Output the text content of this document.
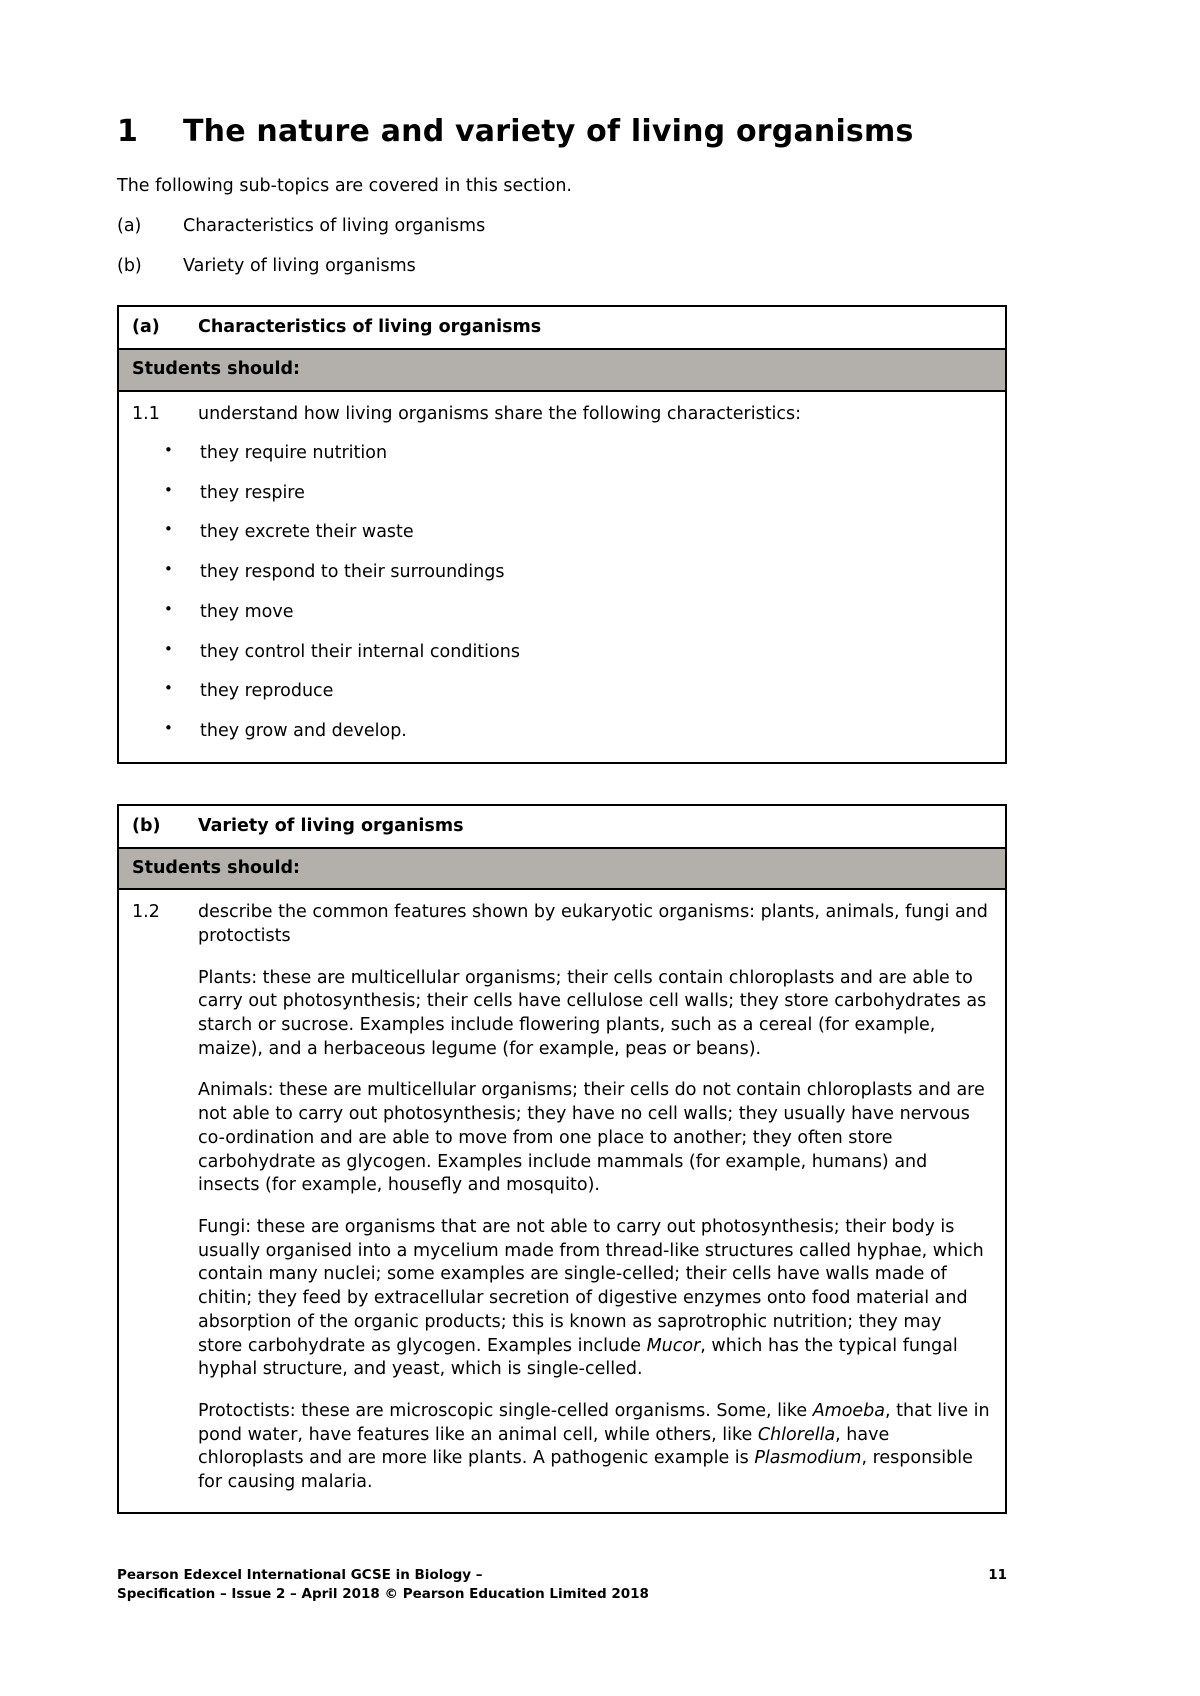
1	The nature and variety of living organisms

The following sub-topics are covered in this section.

(a)	Characteristics of living organisms
(b)	Variety of living organisms
(a)	Characteristics of living organisms
Students should:
1.1	understand how living organisms share the following characteristics:
• they require nutrition
• they respire
• they excrete their waste
• they respond to their surroundings
• they move
• they control their internal conditions
• they reproduce
• they grow and develop.
(b)	Variety of living organisms
Students should:
1.2	describe the common features shown by eukaryotic organisms: plants, animals, fungi and protoctists

Plants: these are multicellular organisms; their cells contain chloroplasts and are able to carry out photosynthesis; their cells have cellulose cell walls; they store carbohydrates as starch or sucrose. Examples include flowering plants, such as a cereal (for example, maize), and a herbaceous legume (for example, peas or beans).

Animals: these are multicellular organisms; their cells do not contain chloroplasts and are not able to carry out photosynthesis; they have no cell walls; they usually have nervous co-ordination and are able to move from one place to another; they often store carbohydrate as glycogen. Examples include mammals (for example, humans) and insects (for example, housefly and mosquito).

Fungi: these are organisms that are not able to carry out photosynthesis; their body is usually organised into a mycelium made from thread-like structures called hyphae, which contain many nuclei; some examples are single-celled; their cells have walls made of chitin; they feed by extracellular secretion of digestive enzymes onto food material and absorption of the organic products; this is known as saprotrophic nutrition; they may store carbohydrate as glycogen. Examples include Mucor, which has the typical fungal hyphal structure, and yeast, which is single-celled.

Protoctists: these are microscopic single-celled organisms. Some, like Amoeba, that live in pond water, have features like an animal cell, while others, like Chlorella, have chloroplasts and are more like plants. A pathogenic example is Plasmodium, responsible for causing malaria.

Pearson Edexcel International GCSE in Biology –
Specification – Issue 2 – April 2018 © Pearson Education Limited 2018
11
